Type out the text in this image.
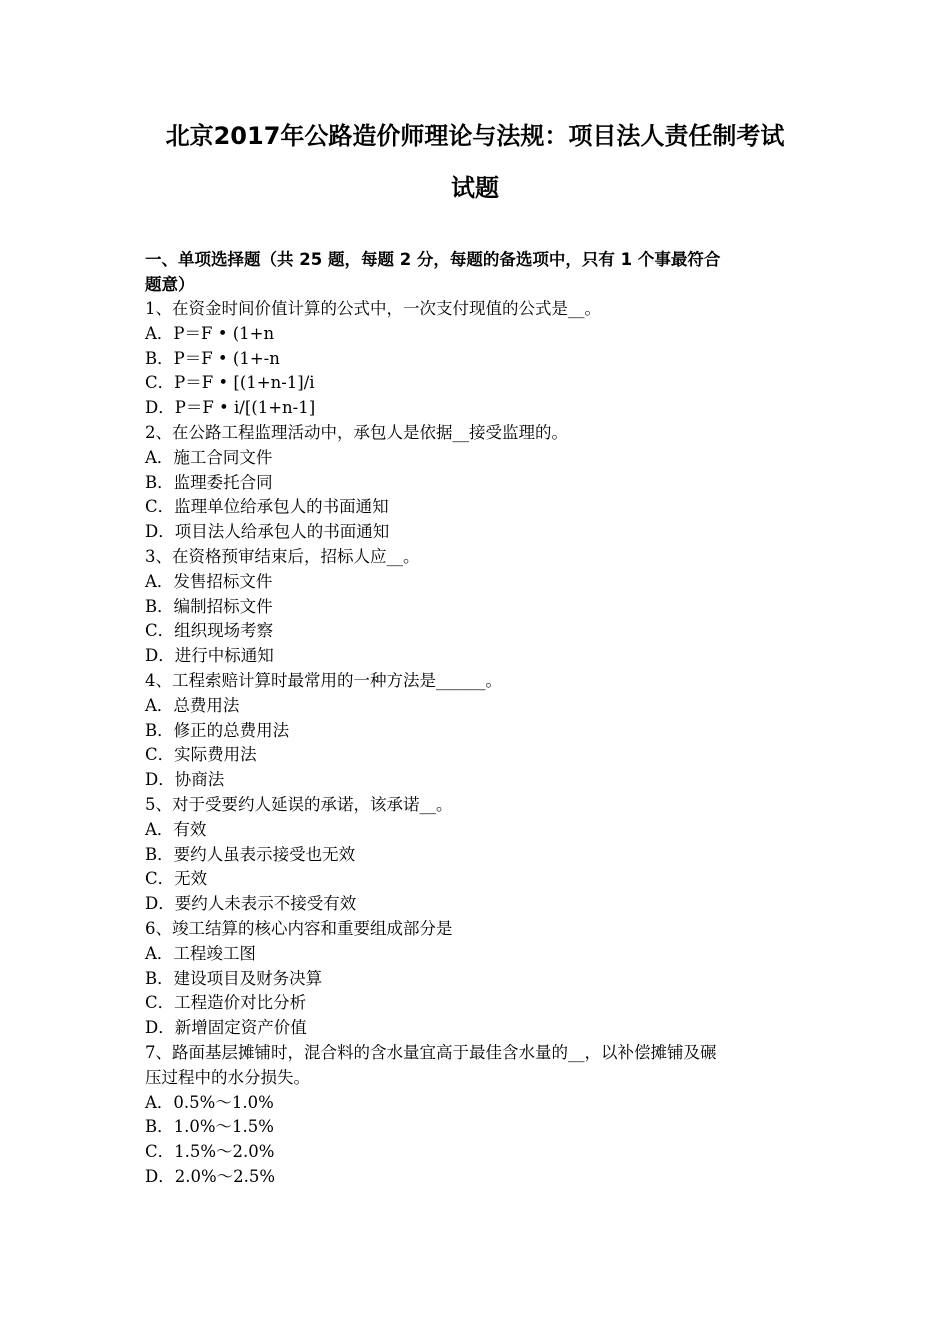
北京2017年公路造价师理论与法规：项目法人责任制考试
试题
一、单项选择题（共 25 题，每题 2 分，每题的备选项中，只有 1 个事最符合
题意）
1、在资金时间价值计算的公式中，一次支付现值的公式是__。
A．P＝F • (1+n
B．P＝F • (1+-n
C．P＝F • [(1+n-1]/i
D．P＝F • i/[(1+n-1]
2、在公路工程监理活动中，承包人是依据__接受监理的。
A．施工合同文件
B．监理委托合同
C．监理单位给承包人的书面通知
D．项目法人给承包人的书面通知
3、在资格预审结束后，招标人应__。
A．发售招标文件
B．编制招标文件
C．组织现场考察
D．进行中标通知
4、工程索赔计算时最常用的一种方法是______。
A．总费用法
B．修正的总费用法
C．实际费用法
D．协商法
5、对于受要约人延误的承诺，该承诺__。
A．有效
B．要约人虽表示接受也无效
C．无效
D．要约人未表示不接受有效
6、竣工结算的核心内容和重要组成部分是
A．工程竣工图
B．建设项目及财务决算
C．工程造价对比分析
D．新增固定资产价值
7、路面基层摊铺时，混合料的含水量宜高于最佳含水量的__，以补偿摊铺及碾
压过程中的水分损失。
A．0.5%～1.0%
B．1.0%～1.5%
C．1.5%～2.0%
D．2.0%～2.5%
